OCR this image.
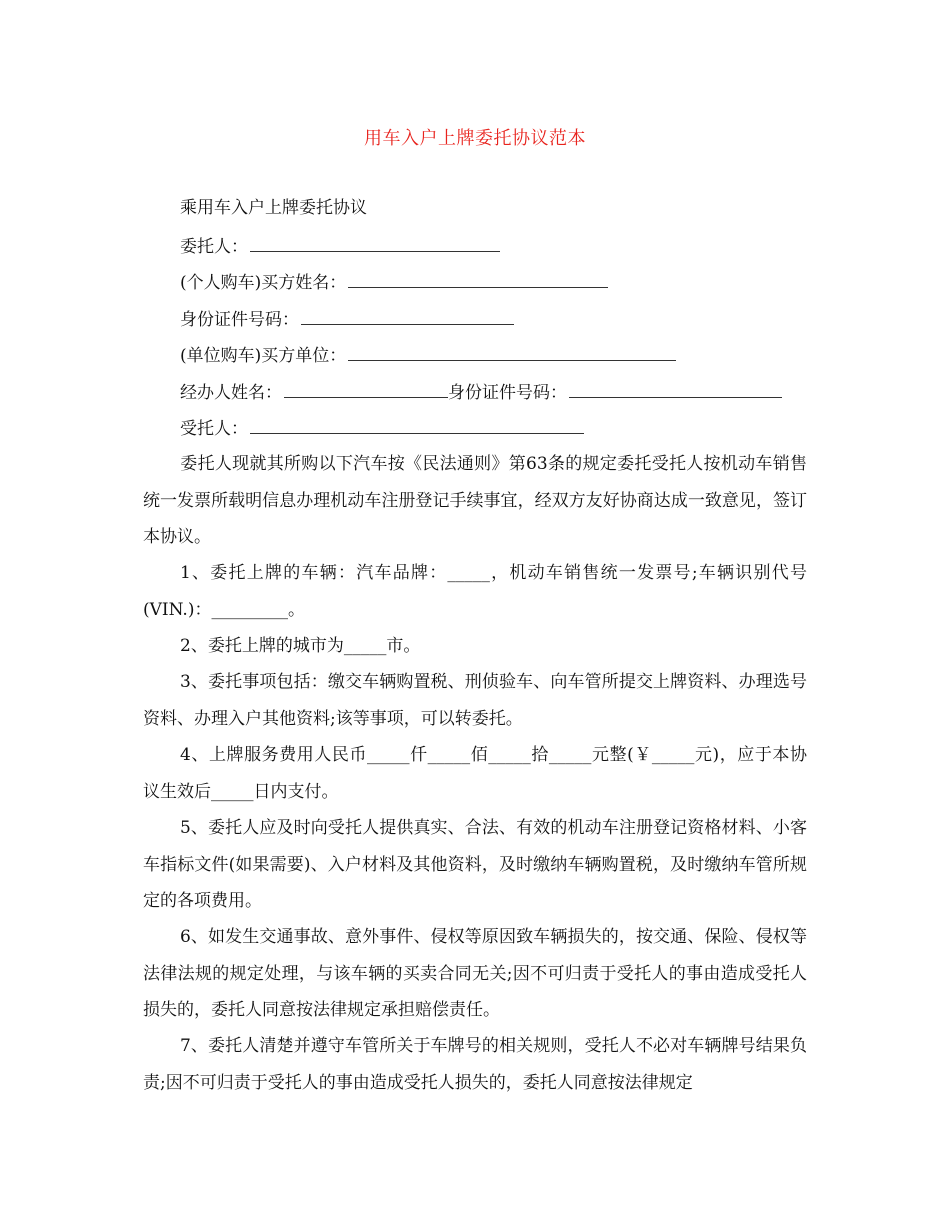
用车入户上牌委托协议范本
乘用车入户上牌委托协议
委托人：
(个人购车)买方姓名：
身份证件号码：
(单位购车)买方单位：
经办人姓名：	身份证件号码：
受托人：
委托人现就其所购以下汽车按《民法通则》第63条的规定委托受托人按机动车销售统一发票所载明信息办理机动车注册登记手续事宜，经双方友好协商达成一致意见，签订本协议。
1、委托上牌的车辆：汽车品牌：_____，机动车销售统一发票号;车辆识别代号(VIN.)：_________。
2、委托上牌的城市为_____市。
3、委托事项包括：缴交车辆购置税、刑侦验车、向车管所提交上牌资料、办理选号资料、办理入户其他资料;该等事项，可以转委托。
4、上牌服务费用人民币_____仟_____佰_____拾_____元整(￥_____元)，应于本协议生效后_____日内支付。
5、委托人应及时向受托人提供真实、合法、有效的机动车注册登记资格材料、小客车指标文件(如果需要)、入户材料及其他资料，及时缴纳车辆购置税，及时缴纳车管所规定的各项费用。
6、如发生交通事故、意外事件、侵权等原因致车辆损失的，按交通、保险、侵权等法律法规的规定处理，与该车辆的买卖合同无关;因不可归责于受托人的事由造成受托人损失的，委托人同意按法律规定承担赔偿责任。
7、委托人清楚并遵守车管所关于车牌号的相关规则，受托人不必对车辆牌号结果负责;因不可归责于受托人的事由造成受托人损失的，委托人同意按法律规定
